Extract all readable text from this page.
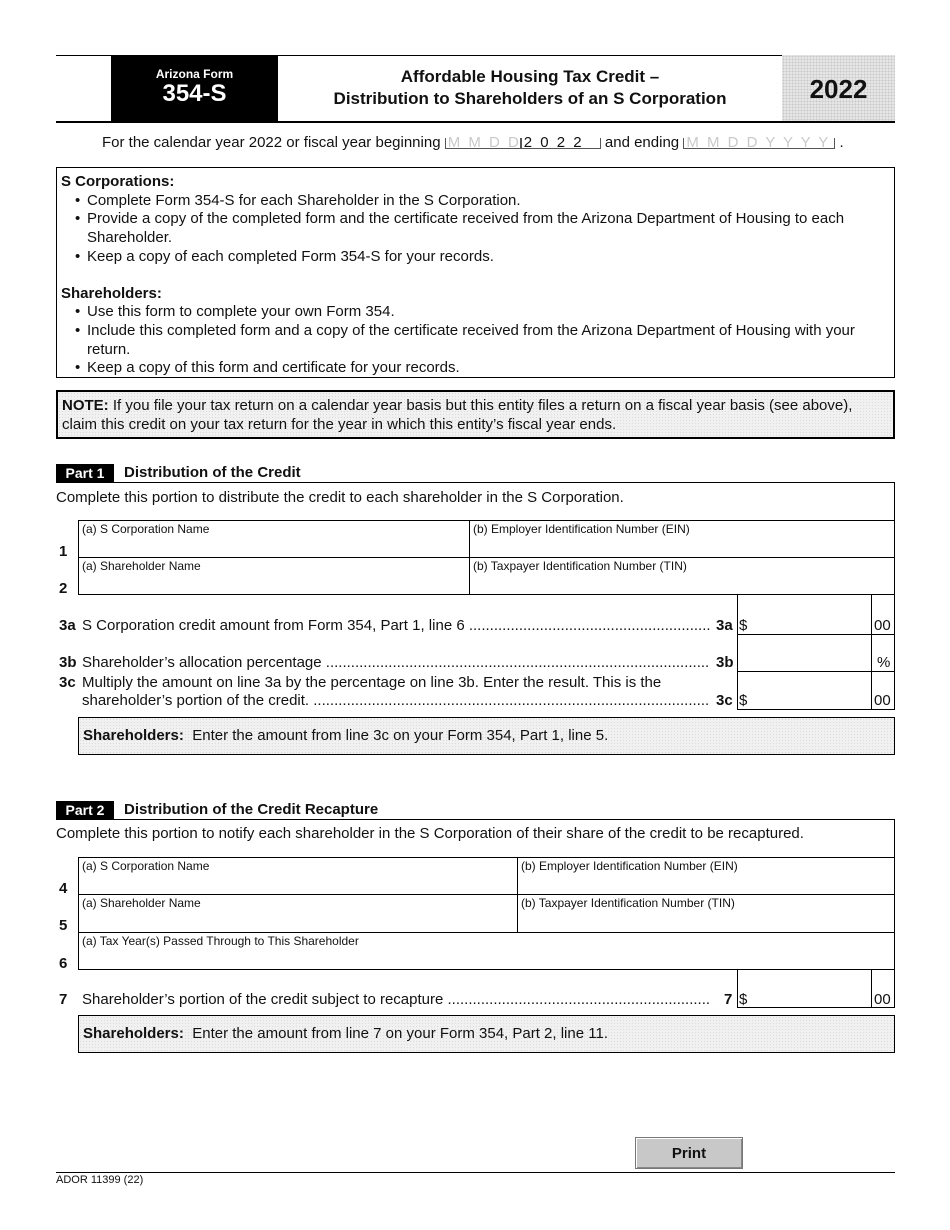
Arizona Form
354-S
Affordable Housing Tax Credit –
Distribution to Shareholders of an S Corporation	2022
For the calendar year 2022 or fiscal year beginning M M D D 2 0 2 2 and ending M M D D Y Y Y Y .
S Corporations:
• Complete Form 354-S for each Shareholder in the S Corporation.
• Provide a copy of the completed form and the certificate received from the Arizona Department of Housing to each Shareholder.
• Keep a copy of each completed Form 354-S for your records.
Shareholders:
• Use this form to complete your own Form 354.
• Include this completed form and a copy of the certificate received from the Arizona Department of Housing with your return.
• Keep a copy of this form and certificate for your records.
NOTE: If you file your tax return on a calendar year basis but this entity files a return on a fiscal year basis (see above), claim this credit on your tax return for the year in which this entity’s fiscal year ends.
Part 1	Distribution of the Credit
Complete this portion to distribute the credit to each shareholder in the S Corporation.
(a) S Corporation Name	(b) Employer Identification Number (EIN)
1
(a) Shareholder Name	(b) Taxpayer Identification Number (TIN)
2
3a S Corporation credit amount from Form 354, Part 1, line 6 .....	3a $	00
3b Shareholder’s allocation percentage .....	3b	%
3c Multiply the amount on line 3a by the percentage on line 3b. Enter the result. This is the
shareholder’s portion of the credit. .....	3c $	00
Shareholders: Enter the amount from line 3c on your Form 354, Part 1, line 5.
Part 2	Distribution of the Credit Recapture
Complete this portion to notify each shareholder in the S Corporation of their share of the credit to be recaptured.
(a) S Corporation Name	(b) Employer Identification Number (EIN)
4
(a) Shareholder Name	(b) Taxpayer Identification Number (TIN)
5
(a) Tax Year(s) Passed Through to This Shareholder
6
7 Shareholder’s portion of the credit subject to recapture .....	7 $	00
Shareholders: Enter the amount from line 7 on your Form 354, Part 2, line 11.
Print
ADOR 11399 (22)
